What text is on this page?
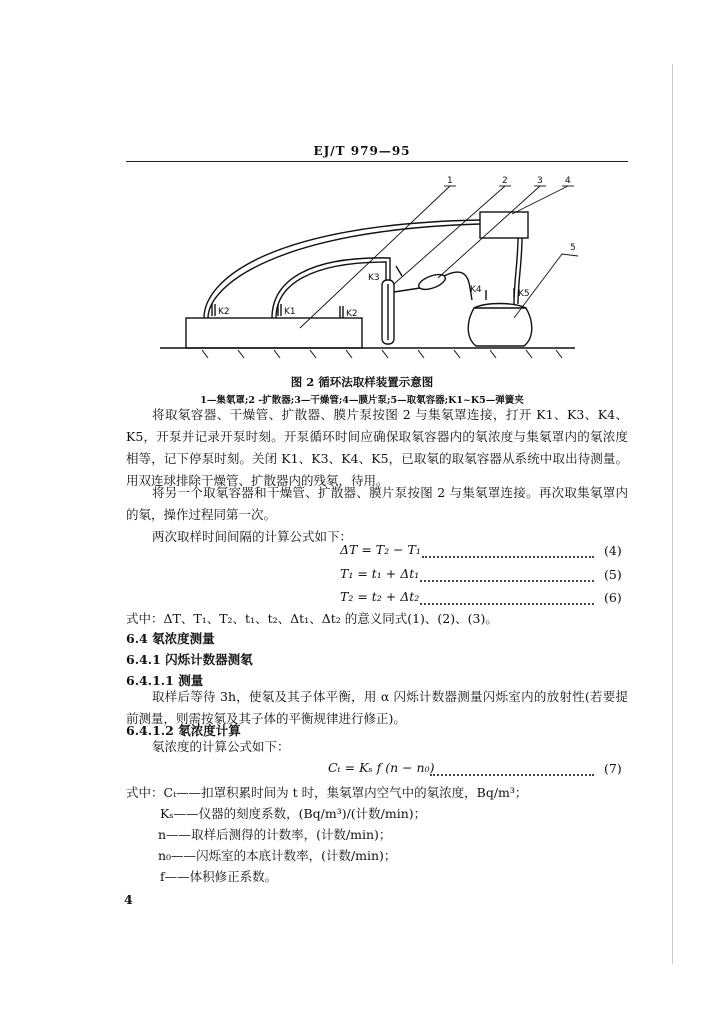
EJ/T 979—95
1	2	3 4
5
K2	K1	K2
K3
K4	K5
图 2 循环法取样装置示意图
1—集氡罩;2 -扩散器;3—干燥管;4—膜片泵;5—取氡容器;K1~K5—弹簧夹
将取氡容器、干燥管、扩散器、膜片泵按图 2 与集氡罩连接，打开 K1、K3、K4、K5，开泵并记录开泵时刻。开泵循环时间应确保取氡容器内的氡浓度与集氡罩内的氡浓度相等，记下停泵时刻。关闭 K1、K3、K4、K5，已取氡的取氡容器从系统中取出待测量。用双连球排除干燥管、扩散器内的残氡，待用。
将另一个取氡容器和干燥管、扩散器、膜片泵按图 2 与集氡罩连接。再次取集氡罩内的氡，操作过程同第一次。
两次取样时间间隔的计算公式如下：
ΔT = T₂ − T₁	(4)
T₁ = t₁ + Δt₁	(5)
T₂ = t₂ + Δt₂	(6)
式中：ΔT、T₁、T₂、t₁、t₂、Δt₁、Δt₂ 的意义同式(1)、(2)、(3)。
6.4 氡浓度测量
6.4.1 闪烁计数器测氡
6.4.1.1 测量
取样后等待 3h，使氡及其子体平衡，用 α 闪烁计数器测量闪烁室内的放射性(若要提前测量，则需按氡及其子体的平衡规律进行修正)。
6.4.1.2 氡浓度计算
氡浓度的计算公式如下：
Cₜ = Kₛ f (n − n₀)	(7)
式中：Cₜ——扣罩积累时间为 t 时，集氡罩内空气中的氡浓度，Bq/m³；
Kₛ——仪器的刻度系数，(Bq/m³)/(计数/min)；
n——取样后测得的计数率，(计数/min)；
n₀——闪烁室的本底计数率，(计数/min)；
f——体积修正系数。
4
